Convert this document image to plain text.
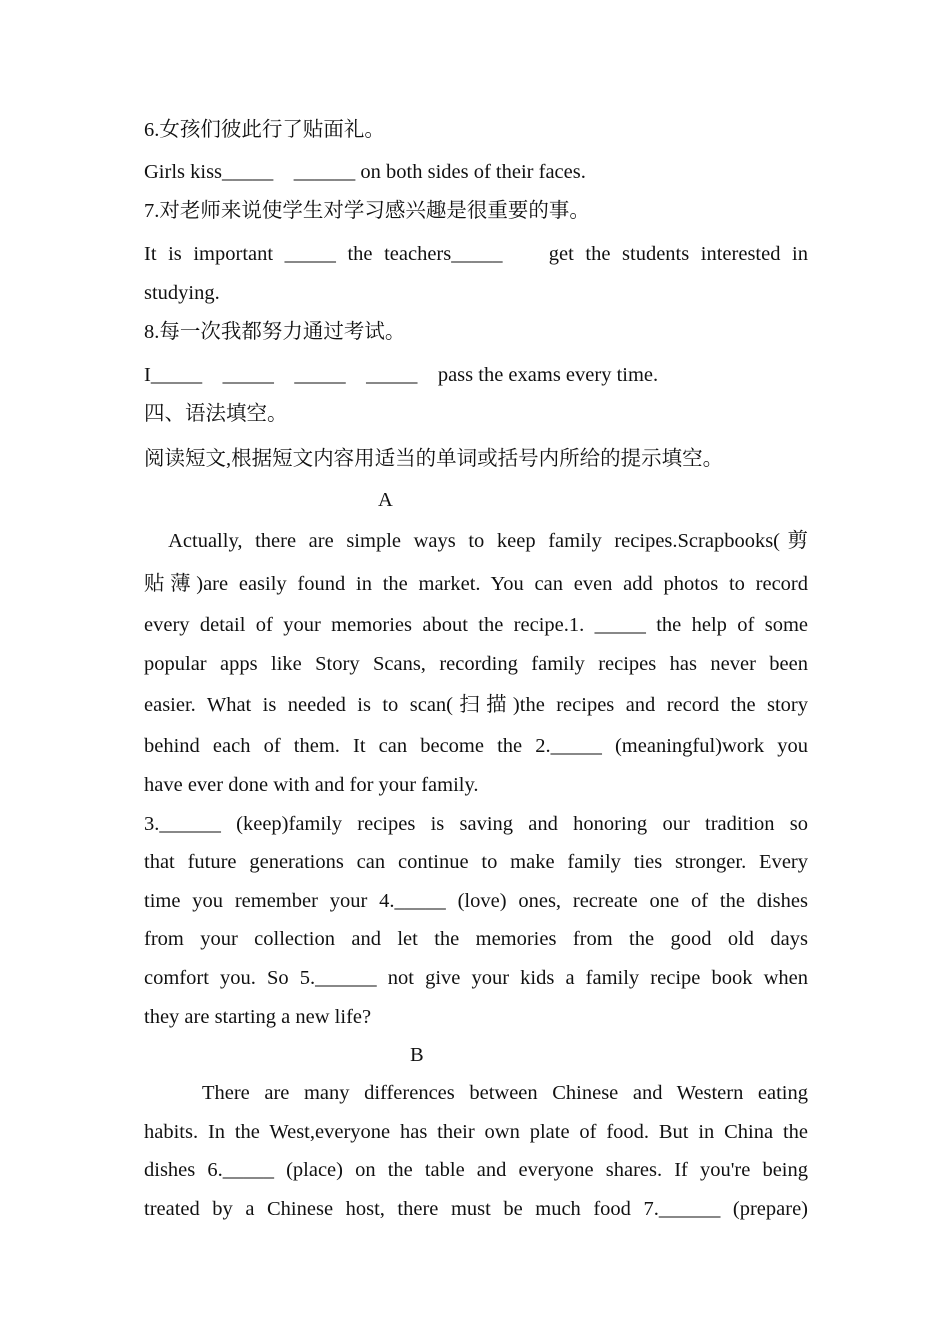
6.女孩们彼此行了贴面礼。
Girls kiss_____    ______ on both sides of their faces.
7.对老师来说使学生对学习感兴趣是很重要的事。
It is important _____ the teachers_____    get the students interested in
studying.
8.每一次我都努力通过考试。
I_____    _____    _____    _____    pass the exams every time.
四、语法填空。
阅读短文,根据短文内容用适当的单词或括号内所给的提示填空。
A
Actually, there are simple ways to keep family recipes.Scrapbooks(剪
贴薄)are easily found in the market. You can even add photos to record
every detail of your memories about the recipe.1. _____ the help of some
popular apps like Story Scans, recording family recipes has never been
easier. What is needed is to scan(扫描)the recipes and record the story
behind each of them. It can become the 2._____ (meaningful)work you
have ever done with and for your family.
3.______ (keep)family recipes is saving and honoring our tradition so
that future generations can continue to make family ties stronger. Every
time you remember your 4._____ (love) ones, recreate one of the dishes
from your collection and let the memories from the good old days
comfort you. So 5.______ not give your kids a family recipe book when
they are starting a new life?
B
There are many differences between Chinese and Western eating
habits. In the West,everyone has their own plate of food. But in China the
dishes 6._____ (place) on the table and everyone shares. If you're being
treated by a Chinese host, there must be much food 7.______ (prepare)
